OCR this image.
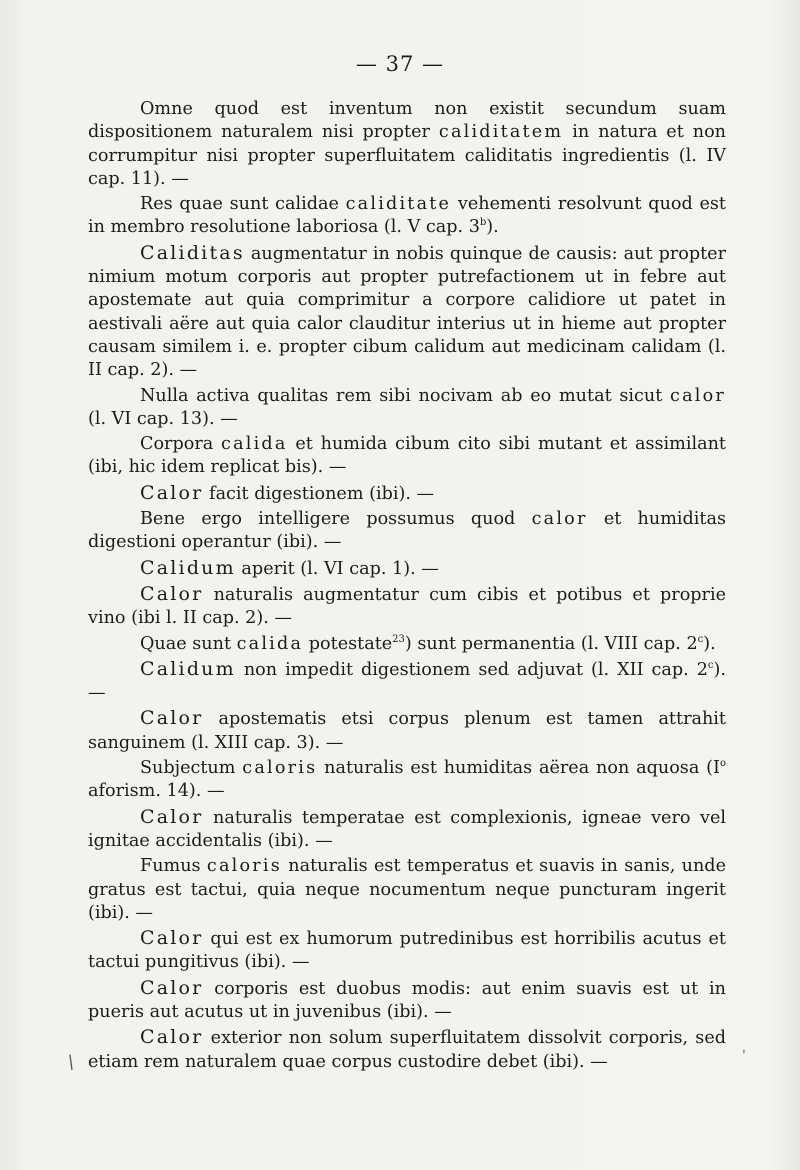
— 37 —

Omne quod est inventum non existit secundum suam dispositionem naturalem nisi propter caliditatem in natura et non corrumpitur nisi propter superfluitatem caliditatis ingredientis (l. IV cap. 11). —

Res quae sunt calidae caliditate vehementi resolvunt quod est in membro resolutione laboriosa (l. V cap. 3$^b$).

Caliditas augmentatur in nobis quinque de causis: aut propter nimium motum corporis aut propter putrefactionem ut in febre aut apostemate aut quia comprimitur a corpore calidiore ut patet in aestivali aëre aut quia calor clauditur interius ut in hieme aut propter causam similem i. e. propter cibum calidum aut medicinam calidam (l. II cap. 2). —

Nulla activa qualitas rem sibi nocivam ab eo mutat sicut calor (l. VI cap. 13). —

Corpora calida et humida cibum cito sibi mutant et assimilant (ibi, hic idem replicat bis). —

Calor facit digestionem (ibi). —

Bene ergo intelligere possumus quod calor et humiditas digestioni operantur (ibi). —

Calidum aperit (l. VI cap. 1). —

Calor naturalis augmentatur cum cibis et potibus et proprie vino (ibi l. II cap. 2). —

Quae sunt calida potestate$^{23}$) sunt permanentia (l. VIII cap. 2$^c$).

Calidum non impedit digestionem sed adjuvat (l. XII cap. 2$^c$). —

Calor apostematis etsi corpus plenum est tamen attrahit sanguinem (l. XIII cap. 3). —

Subjectum caloris naturalis est humiditas aërea non aquosa ($I^o$ aforism. 14). —

Calor naturalis temperatae est complexionis, igneae vero vel ignitae accidentalis (ibi). —

Fumus caloris naturalis est temperatus et suavis in sanis, unde gratus est tactui, quia neque nocumentum neque puncturam ingerit (ibi). —

Calor qui est ex humorum putredinibus est horribilis acutus et tactui pungitivus (ibi). —

Calor corporis est duobus modis: aut enim suavis est ut in pueris aut acutus ut in juvenibus (ibi). —

Calor exterior non solum superfluitatem dissolvit corporis, sed etiam rem naturalem quae corpus custodire debet (ibi). —

/	'
